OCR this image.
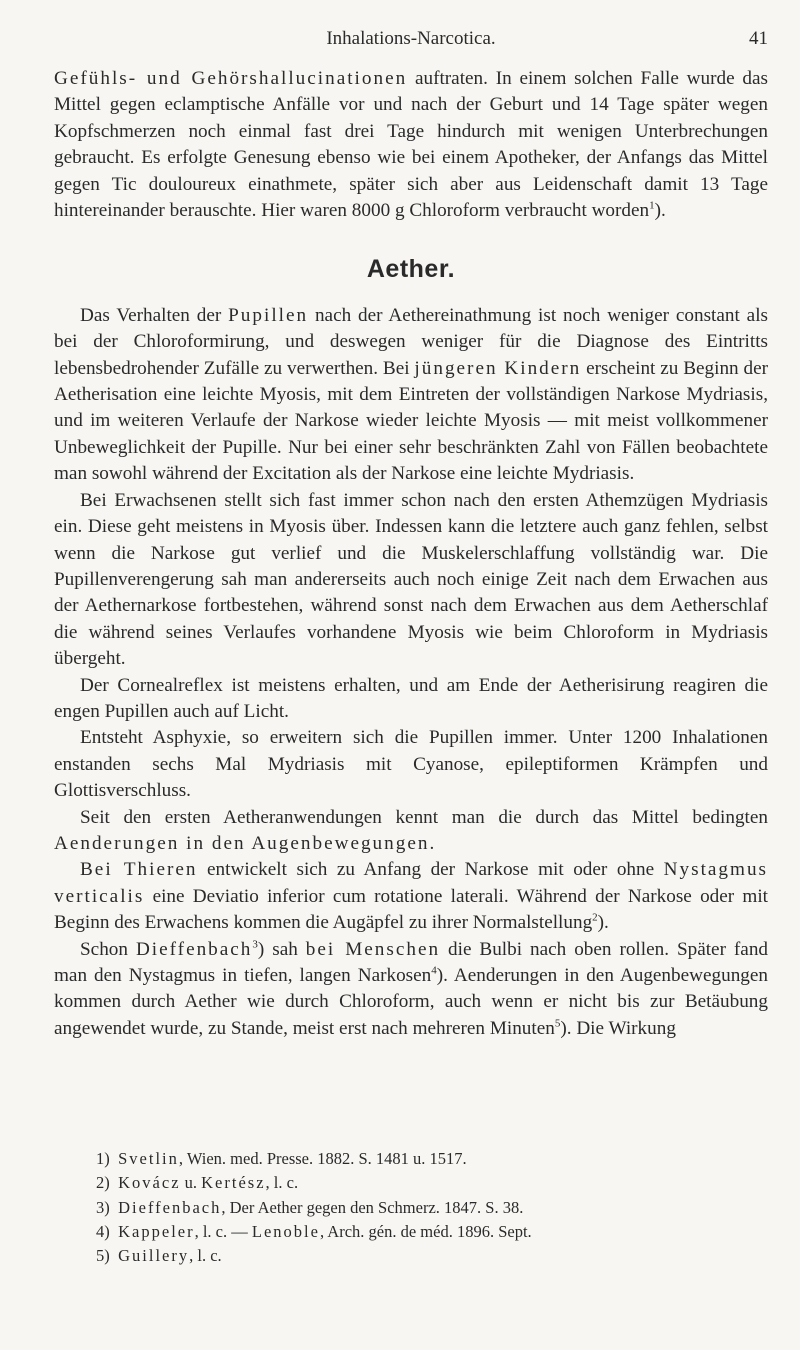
Inhalations-Narcotica.	41

Gefühls- und Gehörshallucinationen auftraten. In einem solchen Falle wurde das Mittel gegen eclamptische Anfälle vor und nach der Geburt und 14 Tage später wegen Kopfschmerzen noch einmal fast drei Tage hindurch mit wenigen Unterbrechungen gebraucht. Es erfolgte Genesung ebenso wie bei einem Apotheker, der Anfangs das Mittel gegen Tic douloureux einathmete, später sich aber aus Leidenschaft damit 13 Tage hintereinander berauschte. Hier waren 8000 g Chloroform verbraucht worden$^1$).

Aether.

Das Verhalten der Pupillen nach der Aethereinathmung ist noch weniger constant als bei der Chloroformirung, und deswegen weniger für die Diagnose des Eintritts lebensbedrohender Zufälle zu verwerthen. Bei jüngeren Kindern erscheint zu Beginn der Aetherisation eine leichte Myosis, mit dem Eintreten der vollständigen Narkose Mydriasis, und im weiteren Verlaufe der Narkose wieder leichte Myosis — mit meist vollkommener Unbeweglichkeit der Pupille. Nur bei einer sehr beschränkten Zahl von Fällen beobachtete man sowohl während der Excitation als der Narkose eine leichte Mydriasis.

Bei Erwachsenen stellt sich fast immer schon nach den ersten Athemzügen Mydriasis ein. Diese geht meistens in Myosis über. Indessen kann die letztere auch ganz fehlen, selbst wenn die Narkose gut verlief und die Muskelerschlaffung vollständig war. Die Pupillenverengerung sah man andererseits auch noch einige Zeit nach dem Erwachen aus der Aethernarkose fortbestehen, während sonst nach dem Erwachen aus dem Aetherschlaf die während seines Verlaufes vorhandene Myosis wie beim Chloroform in Mydriasis übergeht.

Der Cornealreflex ist meistens erhalten, und am Ende der Aetherisirung reagiren die engen Pupillen auch auf Licht.

Entsteht Asphyxie, so erweitern sich die Pupillen immer. Unter 1200 Inhalationen enstanden sechs Mal Mydriasis mit Cyanose, epileptiformen Krämpfen und Glottisverschluss.

Seit den ersten Aetheranwendungen kennt man die durch das Mittel bedingten Aenderungen in den Augenbewegungen.

Bei Thieren entwickelt sich zu Anfang der Narkose mit oder ohne Nystagmus verticalis eine Deviatio inferior cum rotatione laterali. Während der Narkose oder mit Beginn des Erwachens kommen die Augäpfel zu ihrer Normalstellung$^2$).

Schon Dieffenbach$^3$) sah bei Menschen die Bulbi nach oben rollen. Später fand man den Nystagmus in tiefen, langen Narkosen$^4$). Aenderungen in den Augenbewegungen kommen durch Aether wie durch Chloroform, auch wenn er nicht bis zur Betäubung angewendet wurde, zu Stande, meist erst nach mehreren Minuten$^5$). Die Wirkung

1) Svetlin, Wien. med. Presse. 1882. S. 1481 u. 1517.
2) Kovácz u. Kertész, l. c.
3) Dieffenbach, Der Aether gegen den Schmerz. 1847. S. 38.
4) Kappeler, l. c. — Lenoble, Arch. gén. de méd. 1896. Sept.
5) Guillery, l. c.
